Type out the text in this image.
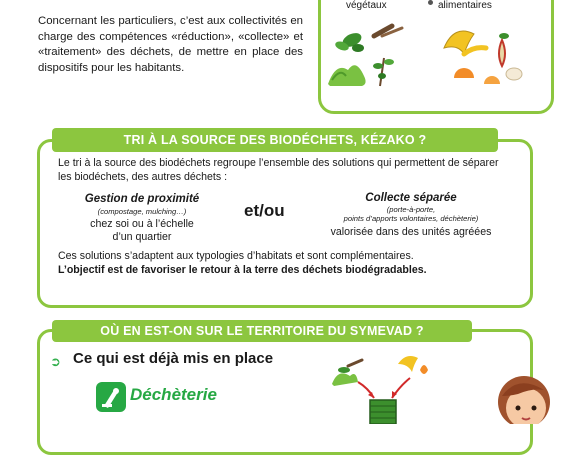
Concernant les particuliers, c’est aux collectivités en charge des compétences «réduction», «collecte» et «traitement» des déchets, de mettre en place des dispositifs pour les habitants.
végétaux	alimentaires
TRI À LA SOURCE DES BIODÉCHETS, KÉZAKO ?
Le tri à la source des biodéchets regroupe l’ensemble des solutions qui permettent de séparer les biodéchets, des autres déchets :
Gestion de proximité
(compostage, mulching…)
chez soi ou à l’échelle
d’un quartier
et/ou
Collecte séparée
(porte-à-porte,
points d’apports volontaires, déchèterie)
valorisée dans des unités agréées
Ces solutions s’adaptent aux typologies d’habitats et sont complémentaires.
L’objectif est de favoriser le retour à la terre des déchets biodégradables.
OÙ EN EST-ON SUR LE TERRITOIRE DU SYMEVAD ?
➲ Ce qui est déjà mis en place
Déchèterie
